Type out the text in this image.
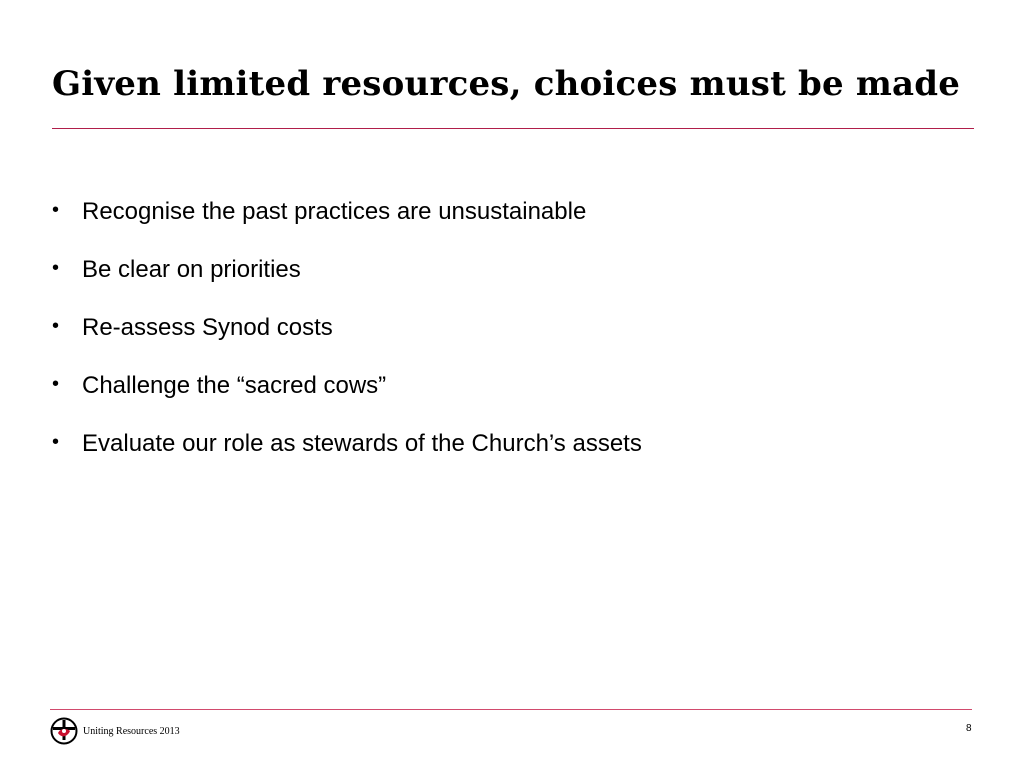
Given limited resources, choices must be made
• Recognise the past practices are unsustainable
• Be clear on priorities
• Re-assess Synod costs
• Challenge the “sacred cows”
• Evaluate our role as stewards of the Church’s assets
Uniting Resources 2013	8
